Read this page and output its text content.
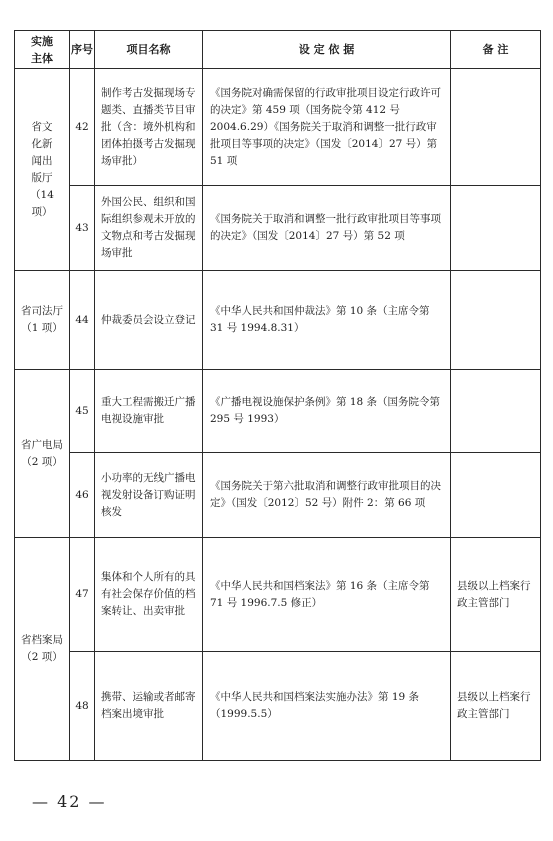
实施主体	序号	项目名称	设 定 依 据	备 注
省文化新闻出版厅（14 项）	42	制作考古发掘现场专题类、直播类节目审批（含：境外机构和团体拍摄考古发掘现场审批）	《国务院对确需保留的行政审批项目设定行政许可的决定》第 459 项（国务院令第 412 号 2004.6.29）《国务院关于取消和调整一批行政审批项目等事项的决定》（国发〔2014〕27 号）第 51 项	
	43	外国公民、组织和国际组织参观未开放的文物点和考古发掘现场审批	《国务院关于取消和调整一批行政审批项目等事项的决定》（国发〔2014〕27 号）第 52 项	
省司法厅（1 项）	44	仲裁委员会设立登记	《中华人民共和国仲裁法》第 10 条（主席令第 31 号 1994.8.31）	
省广电局（2 项）	45	重大工程需搬迁广播电视设施审批	《广播电视设施保护条例》第 18 条（国务院令第 295 号 1993）	
	46	小功率的无线广播电视发射设备订购证明核发	《国务院关于第六批取消和调整行政审批项目的决定》（国发〔2012〕52 号）附件 2：第 66 项	
省档案局（2 项）	47	集体和个人所有的具有社会保存价值的档案转让、出卖审批	《中华人民共和国档案法》第 16 条（主席令第 71 号 1996.7.5 修正）	县级以上档案行政主管部门
	48	携带、运输或者邮寄档案出境审批	《中华人民共和国档案法实施办法》第 19 条（1999.5.5）	县级以上档案行政主管部门
— 42 —
